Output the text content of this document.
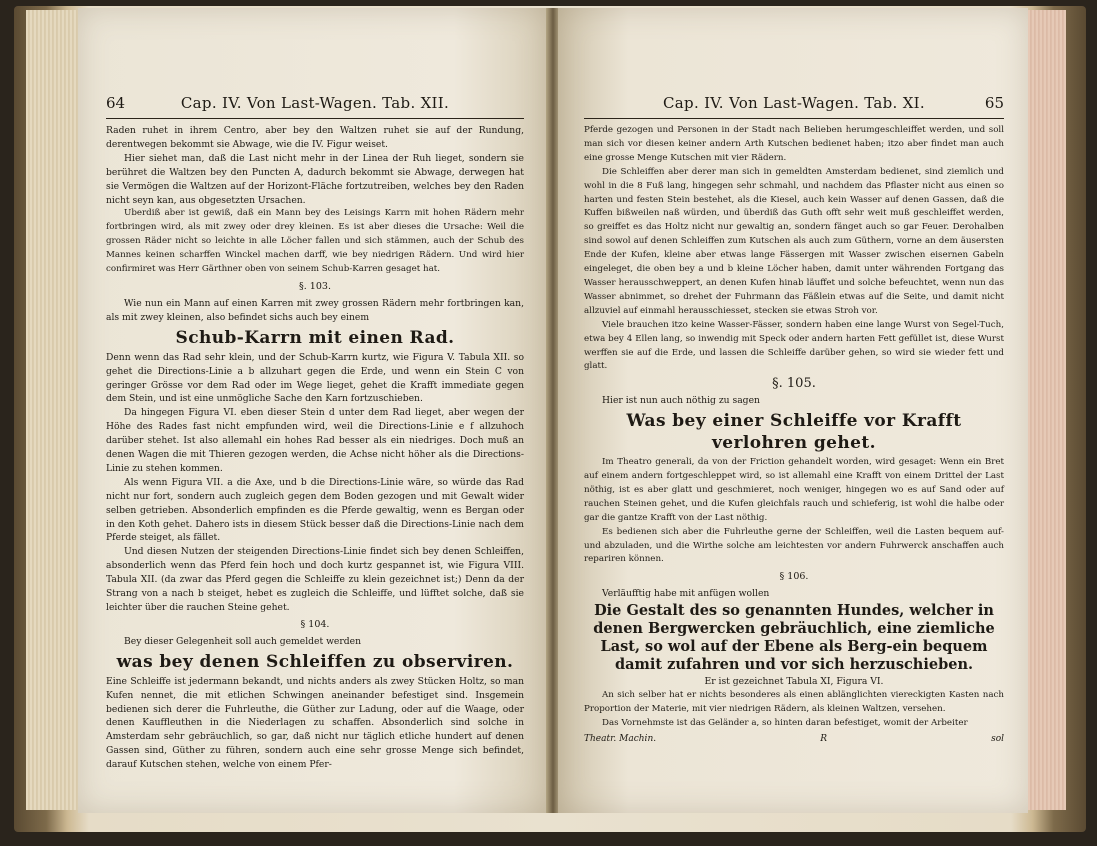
64	Cap. IV. Von Last-Wagen. Tab. XII.

Raden ruhet in ihrem Centro, aber bey den Waltzen ruhet sie auf der Rundung, derentwegen bekommt sie Abwage, wie die IV. Figur weiset.

Hier siehet man, daß die Last nicht mehr in der Linea der Ruh lieget, sondern sie berühret die Waltzen bey den Puncten A, dadurch bekommt sie Abwage, derwegen hat sie Vermögen die Waltzen auf der Horizont-Fläche fortzutreiben, welches bey den Raden nicht seyn kan, aus obgesetzten Ursachen.

Uberdiß aber ist gewiß, daß ein Mann bey des Leisings Karrn mit hohen Rädern mehr fortbringen wird, als mit zwey oder drey kleinen. Es ist aber dieses die Ursache: Weil die grossen Räder nicht so leichte in alle Löcher fallen und sich stämmen, auch der Schub des Mannes keinen scharffen Winckel machen darff, wie bey niedrigen Rädern. Und wird hier confirmiret was Herr Gärthner oben von seinem Schub-Karren gesaget hat.

§. 103.

Wie nun ein Mann auf einen Karren mit zwey grossen Rädern mehr fortbringen kan, als mit zwey kleinen, also befindet sichs auch bey einem

Schub-Karrn mit einen Rad.

Denn wenn das Rad sehr klein, und der Schub-Karrn kurtz, wie Figura V. Tabula XII. so gehet die Directions-Linie a b allzuhart gegen die Erde, und wenn ein Stein C von geringer Grösse vor dem Rad oder im Wege lieget, gehet die Krafft immediate gegen dem Stein, und ist eine unmögliche Sache den Karn fortzuschieben.

Da hingegen Figura VI. eben dieser Stein d unter dem Rad lieget, aber wegen der Höhe des Rades fast nicht empfunden wird, weil die Directions-Linie e f allzuhoch darüber stehet. Ist also allemahl ein hohes Rad besser als ein niedriges. Doch muß an denen Wagen die mit Thieren gezogen werden, die Achse nicht höher als die Directions-Linie zu stehen kommen.

Als wenn Figura VII. a die Axe, und b die Directions-Linie wäre, so würde das Rad nicht nur fort, sondern auch zugleich gegen dem Boden gezogen und mit Gewalt wider selben getrieben. Absonderlich empfinden es die Pferde gewaltig, wenn es Bergan oder in den Koth gehet. Dahero ists in diesem Stück besser daß die Directions-Linie nach dem Pferde steiget, als fället.

Und diesen Nutzen der steigenden Directions-Linie findet sich bey denen Schleiffen, absonderlich wenn das Pferd fein hoch und doch kurtz gespannet ist, wie Figura VIII. Tabula XII. (da zwar das Pferd gegen die Schleiffe zu klein gezeichnet ist;) Denn da der Strang von a nach b steiget, hebet es zugleich die Schleiffe, und lüfftet solche, daß sie leichter über die rauchen Steine gehet.

§ 104.

Bey dieser Gelegenheit soll auch gemeldet werden

was bey denen Schleiffen zu observiren.

Eine Schleiffe ist jedermann bekandt, und nichts anders als zwey Stücken Holtz, so man Kufen nennet, die mit etlichen Schwingen aneinander befestiget sind. Insgemein bedienen sich derer die Fuhrleuthe, die Güther zur Ladung, oder auf die Waage, oder denen Kauffleuthen in die Niederlagen zu schaffen. Absonderlich sind solche in Amsterdam sehr gebräuchlich, so gar, daß nicht nur täglich etliche hundert auf denen Gassen sind, Güther zu führen, sondern auch eine sehr grosse Menge sich befindet, darauf Kutschen stehen, welche von einem Pfer-

Cap. IV. Von Last-Wagen. Tab. XI.	65

Pferde gezogen und Personen in der Stadt nach Belieben herumgeschleiffet werden, und soll man sich vor diesen keiner andern Arth Kutschen bedienet haben; itzo aber findet man auch eine grosse Menge Kutschen mit vier Rädern.

Die Schleiffen aber derer man sich in gemeldten Amsterdam bedienet, sind ziemlich und wohl in die 8 Fuß lang, hingegen sehr schmahl, und nachdem das Pflaster nicht aus einen so harten und festen Stein bestehet, als die Kiesel, auch kein Wasser auf denen Gassen, daß die Kuffen bißweilen naß würden, und überdiß das Guth offt sehr weit muß geschleiffet werden, so greiffet es das Holtz nicht nur gewaltig an, sondern fänget auch so gar Feuer. Derohalben sind sowol auf denen Schleiffen zum Kutschen als auch zum Güthern, vorne an dem äusersten Ende der Kufen, kleine aber etwas lange Fässergen mit Wasser zwischen eisernen Gabeln eingeleget, die oben bey a und b kleine Löcher haben, damit unter währenden Fortgang das Wasser herausschweppert, an denen Kufen hinab läuffet und solche befeuchtet, wenn nun das Wasser abnimmet, so drehet der Fuhrmann das Fäßlein etwas auf die Seite, und damit nicht allzuviel auf einmahl herausschiesset, stecken sie etwas Stroh vor.

Viele brauchen itzo keine Wasser-Fässer, sondern haben eine lange Wurst von Segel-Tuch, etwa bey 4 Ellen lang, so inwendig mit Speck oder andern harten Fett gefüllet ist, diese Wurst werffen sie auf die Erde, und lassen die Schleiffe darüber gehen, so wird sie wieder fett und glatt.

§. 105.

Hier ist nun auch nöthig zu sagen

Was bey einer Schleiffe vor Krafft verlohren gehet.

Im Theatro generali, da von der Friction gehandelt worden, wird gesaget: Wenn ein Bret auf einem andern fortgeschleppet wird, so ist allemahl eine Krafft von einem Drittel der Last nöthig, ist es aber glatt und geschmieret, noch weniger, hingegen wo es auf Sand oder auf rauchen Steinen gehet, und die Kufen gleichfals rauch und schieferig, ist wohl die halbe oder gar die gantze Krafft von der Last nöthig.

Es bedienen sich aber die Fuhrleuthe gerne der Schleiffen, weil die Lasten bequem auf- und abzuladen, und die Wirthe solche am leichtesten vor andern Fuhrwerck anschaffen auch repariren können.

§ 106.

Verläufftig habe mit anfügen wollen

Die Gestalt des so genannten Hundes, welcher in denen Bergwercken gebräuchlich, eine ziemliche Last, so wol auf der Ebene als Berg-ein bequem damit zufahren und vor sich herzuschieben.

Er ist gezeichnet Tabula XI, Figura VI.

An sich selber hat er nichts besonderes als einen ablänglichten viereckigten Kasten nach Proportion der Materie, mit vier niedrigen Rädern, als kleinen Waltzen, versehen.

Das Vornehmste ist das Geländer a, so hinten daran befestiget, womit der Arbeiter

Theatr. Machin.	R	sol
